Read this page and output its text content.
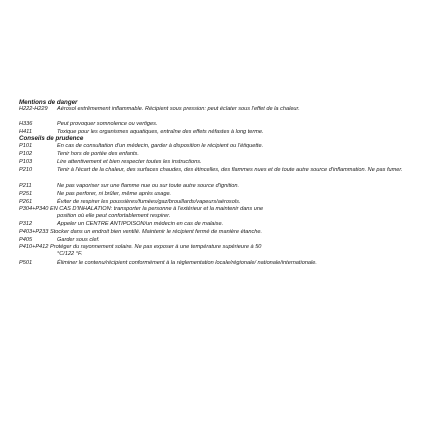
Mentions de danger
H222-H229 Aérosol extrêmement inflammable. Récipient sous pression: peut éclater sous l'effet de la chaleur.
H336	Peut provoquer somnolence ou vertiges.
H411	Toxique pour les organismes aquatiques, entraîne des effets néfastes à long terme.
Conseils de prudence
P101	En cas de consultation d'un médecin, garder à disposition le récipient ou l'étiquette.
P102	Tenir hors de portée des enfants.
P103	Lire attentivement et bien respecter toutes les instructions.
P210	Tenir à l'écart de la chaleur, des surfaces chaudes, des étincelles, des flammes nues et de toute autre source d'inflammation. Ne pas fumer.
P211	Ne pas vaporiser sur une flamme nue ou sur toute autre source d'ignition.
P251	Ne pas perforer, ni brûler, même après usage.
P261	Éviter de respirer les poussières/fumées/gaz/brouillards/vapeurs/aérosols.
P304+P340 EN CAS D'INHALATION: transporter la personne à l'extérieur et la maintenir dans une
position où elle peut confortablement respirer.
P312	Appeler un CENTRE ANTIPOISON/un médecin en cas de malaise.
P403+P233 Stocker dans un endroit bien ventilé. Maintenir le récipient fermé de manière étanche.
P405	Garder sous clef.
P410+P412 Protéger du rayonnement solaire. Ne pas exposer à une température supérieure à 50
°C/122 °F.
P501	Éliminer le contenu/récipient conformément à la réglementation locale/régionale/ nationale/internationale.
